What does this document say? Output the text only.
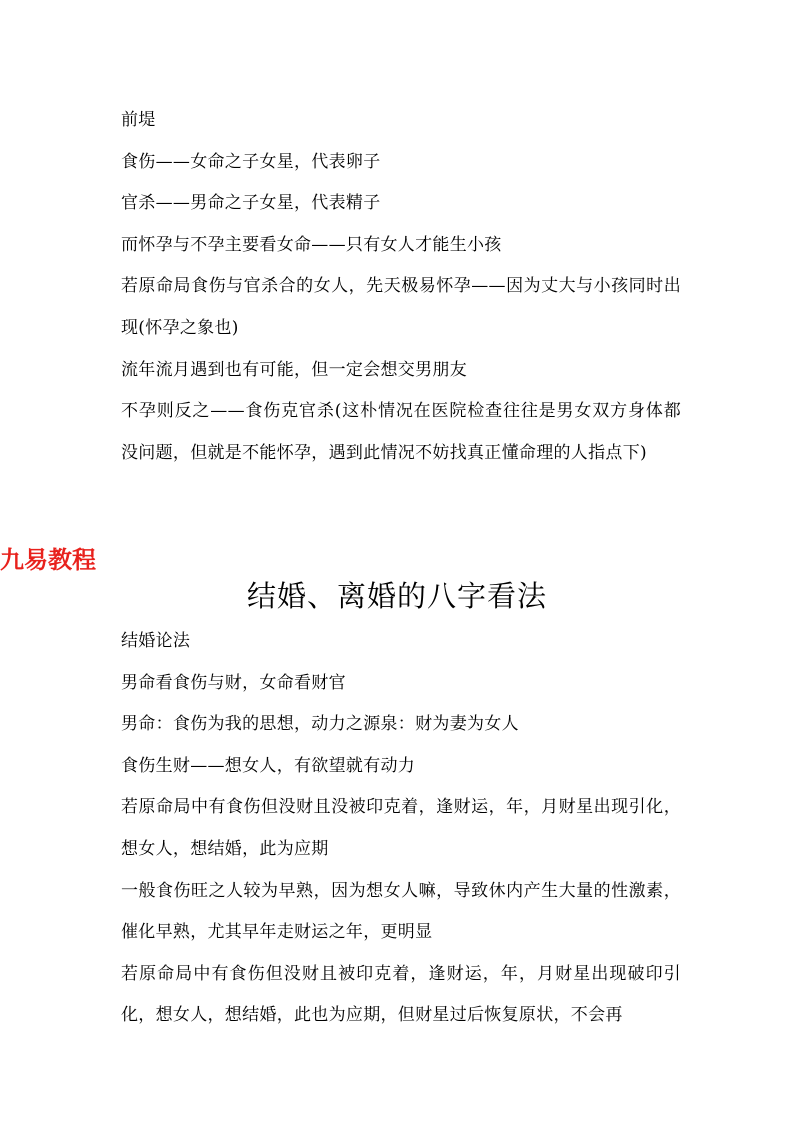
前堤

食伤——女命之子女星，代表卵子

官杀——男命之子女星，代表精子

而怀孕与不孕主要看女命——只有女人才能生小孩

若原命局食伤与官杀合的女人，先天极易怀孕——因为丈大与小孩同时出现(怀孕之象也)

流年流月遇到也有可能，但一定会想交男朋友

不孕则反之——食伤克官杀(这朴情况在医院检查往往是男女双方身体都没问题，但就是不能怀孕，遇到此情况不妨找真正懂命理的人指点下)

九易教程
结婚、离婚的八字看法

结婚论法

男命看食伤与财，女命看财官

男命：食伤为我的思想，动力之源泉：财为妻为女人

食伤生财——想女人，有欲望就有动力

若原命局中有食伤但没财且没被印克着，逢财运，年，月财星出现引化，想女人，想结婚，此为应期

一般食伤旺之人较为早熟，因为想女人嘛，导致休内产生大量的性激素，催化早熟，尤其早年走财运之年，更明显

若原命局中有食伤但没财且被印克着，逢财运，年，月财星出现破印引化，想女人，想结婚，此也为应期，但财星过后恢复原状，不会再
